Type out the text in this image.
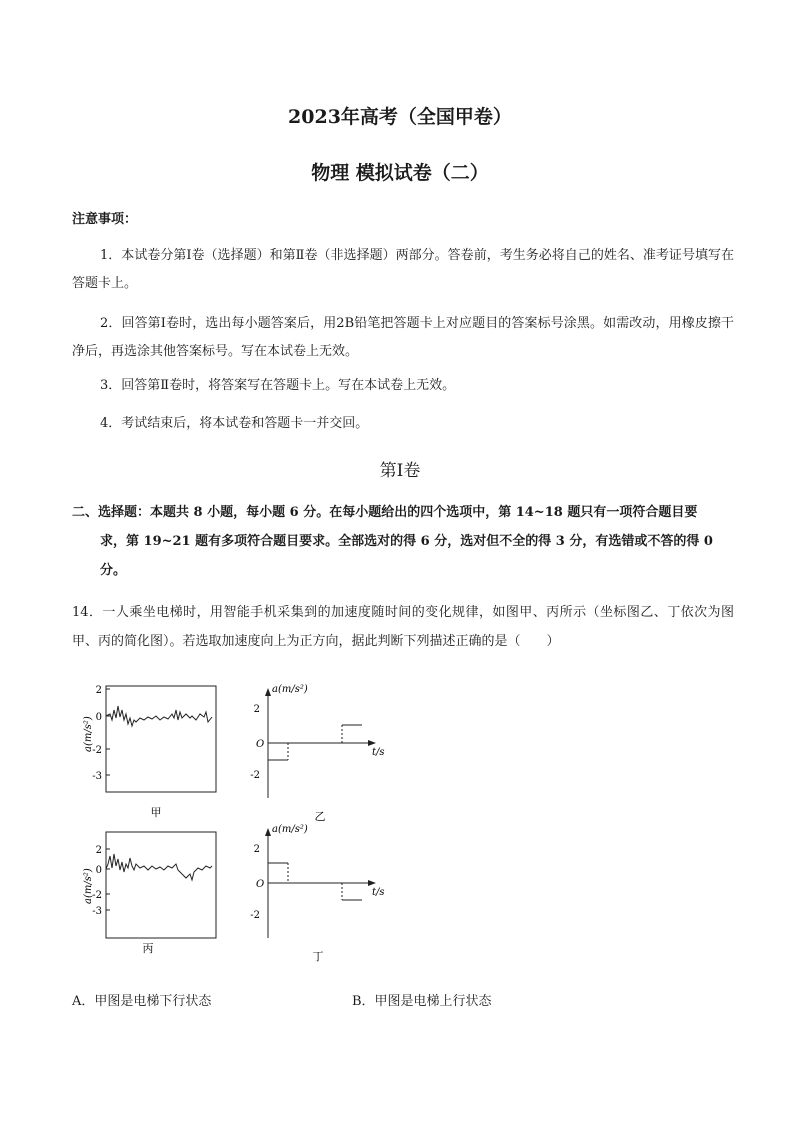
2023年高考（全国甲卷）
物理 模拟试卷（二）
注意事项：
1．本试卷分第Ⅰ卷（选择题）和第Ⅱ卷（非选择题）两部分。答卷前，考生务必将自己的姓名、准考证号填写在答题卡上。
2．回答第Ⅰ卷时，选出每小题答案后，用2B铅笔把答题卡上对应题目的答案标号涂黑。如需改动，用橡皮擦干净后，再选涂其他答案标号。写在本试卷上无效。
3．回答第Ⅱ卷时，将答案写在答题卡上。写在本试卷上无效。
4．考试结束后，将本试卷和答题卡一并交回。
第Ⅰ卷
二、选择题：本题共 8 小题，每小题 6 分。在每小题给出的四个选项中，第 14~18 题只有一项符合题目要
求，第 19~21 题有多项符合题目要求。全部选对的得 6 分，选对但不全的得 3 分，有选错或不答的得 0
分。
14．一人乘坐电梯时，用智能手机采集到的加速度随时间的变化规律，如图甲、丙所示（坐标图乙、丁依次为图甲、丙的简化图）。若选取加速度向上为正方向，据此判断下列描述正确的是（　　）
2
0
-2
-3
a(m/s²)
甲
a(m/s²)
t/s
O
2
-2
乙
2
0
-2
-3
a(m/s²)
丙
a(m/s²)
t/s
O
2
-2
丁
A．甲图是电梯下行状态	B．甲图是电梯上行状态
